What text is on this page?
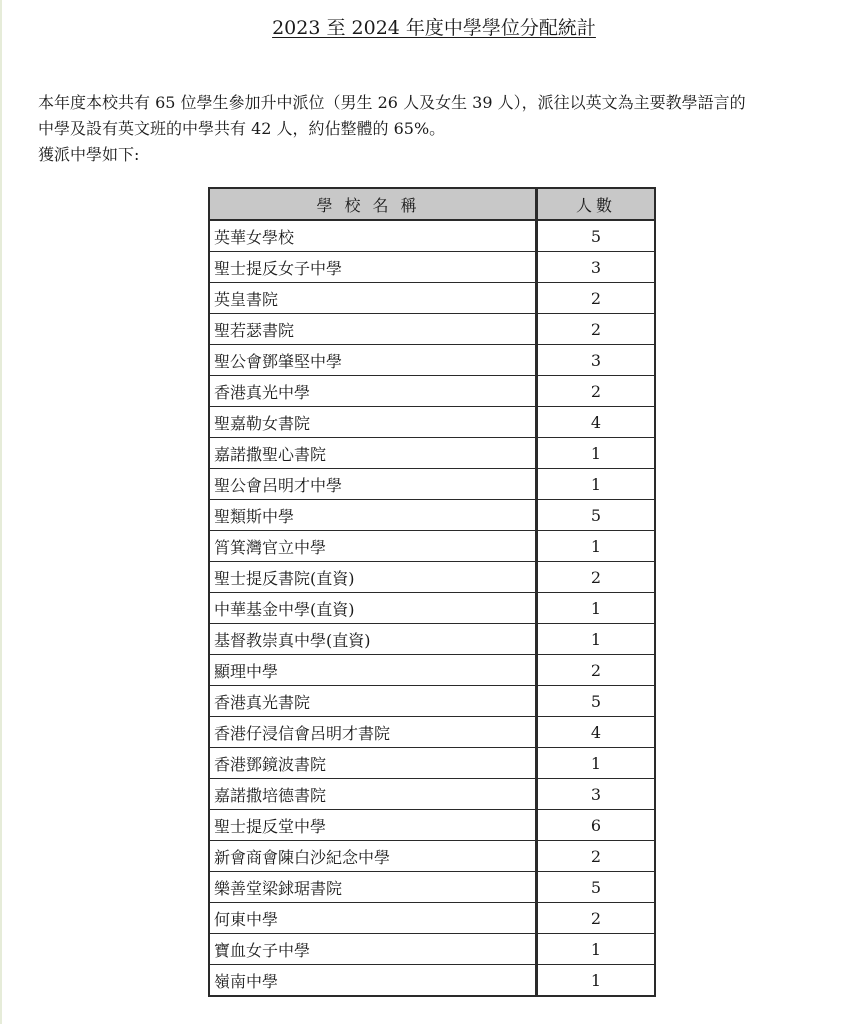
2023 至 2024 年度中學學位分配統計

本年度本校共有 65 位學生參加升中派位（男生 26 人及女生 39 人），派往以英文為主要教學語言的

中學及設有英文班的中學共有 42 人，約佔整體的 65%。

獲派中學如下:

學校名稱	人數
英華女學校	5
聖士提反女子中學	3
英皇書院	2
聖若瑟書院	2
聖公會鄧肇堅中學	3
香港真光中學	2
聖嘉勒女書院	4
嘉諾撒聖心書院	1
聖公會呂明才中學	1
聖類斯中學	5
筲箕灣官立中學	1
聖士提反書院(直資)	2
中華基金中學(直資)	1
基督教崇真中學(直資)	1
顯理中學	2
香港真光書院	5
香港仔浸信會呂明才書院	4
香港鄧鏡波書院	1
嘉諾撒培德書院	3
聖士提反堂中學	6
新會商會陳白沙紀念中學	2
樂善堂梁銶琚書院	5
何東中學	2
寶血女子中學	1
嶺南中學	1
